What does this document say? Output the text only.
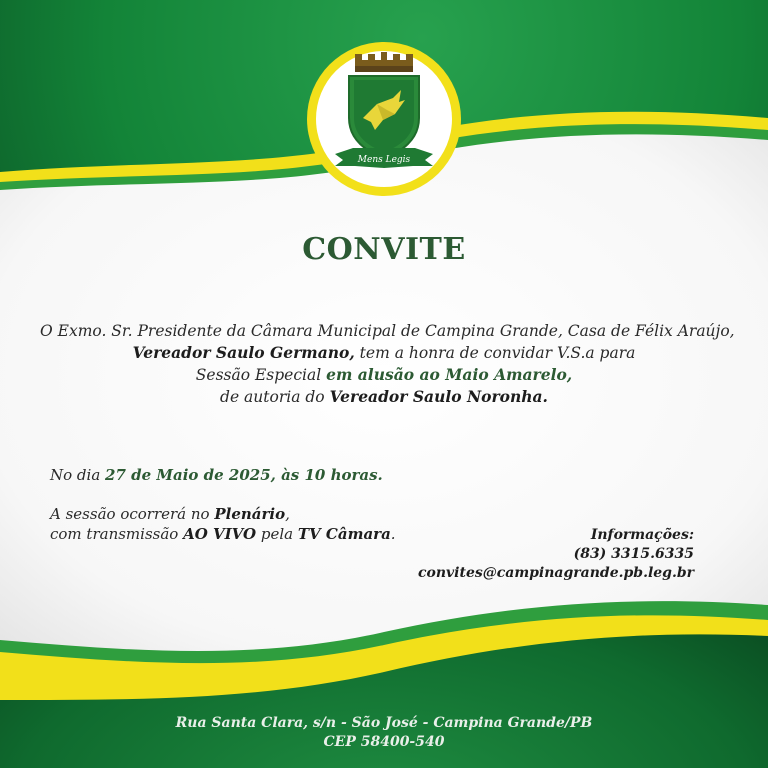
Mens Legis
CONVITE
O Exmo. Sr. Presidente da Câmara Municipal de Campina Grande, Casa de Félix Araújo,
Vereador Saulo Germano, tem a honra de convidar V.S.a para
Sessão Especial em alusão ao Maio Amarelo,
de autoria do Vereador Saulo Noronha.
No dia 27 de Maio de 2025, às 10 horas.
A sessão ocorrerá no Plenário,
com transmissão AO VIVO pela TV Câmara.	Informações:
(83) 3315.6335
convites@campinagrande.pb.leg.br
Rua Santa Clara, s/n - São José - Campina Grande/PB
CEP 58400-540
